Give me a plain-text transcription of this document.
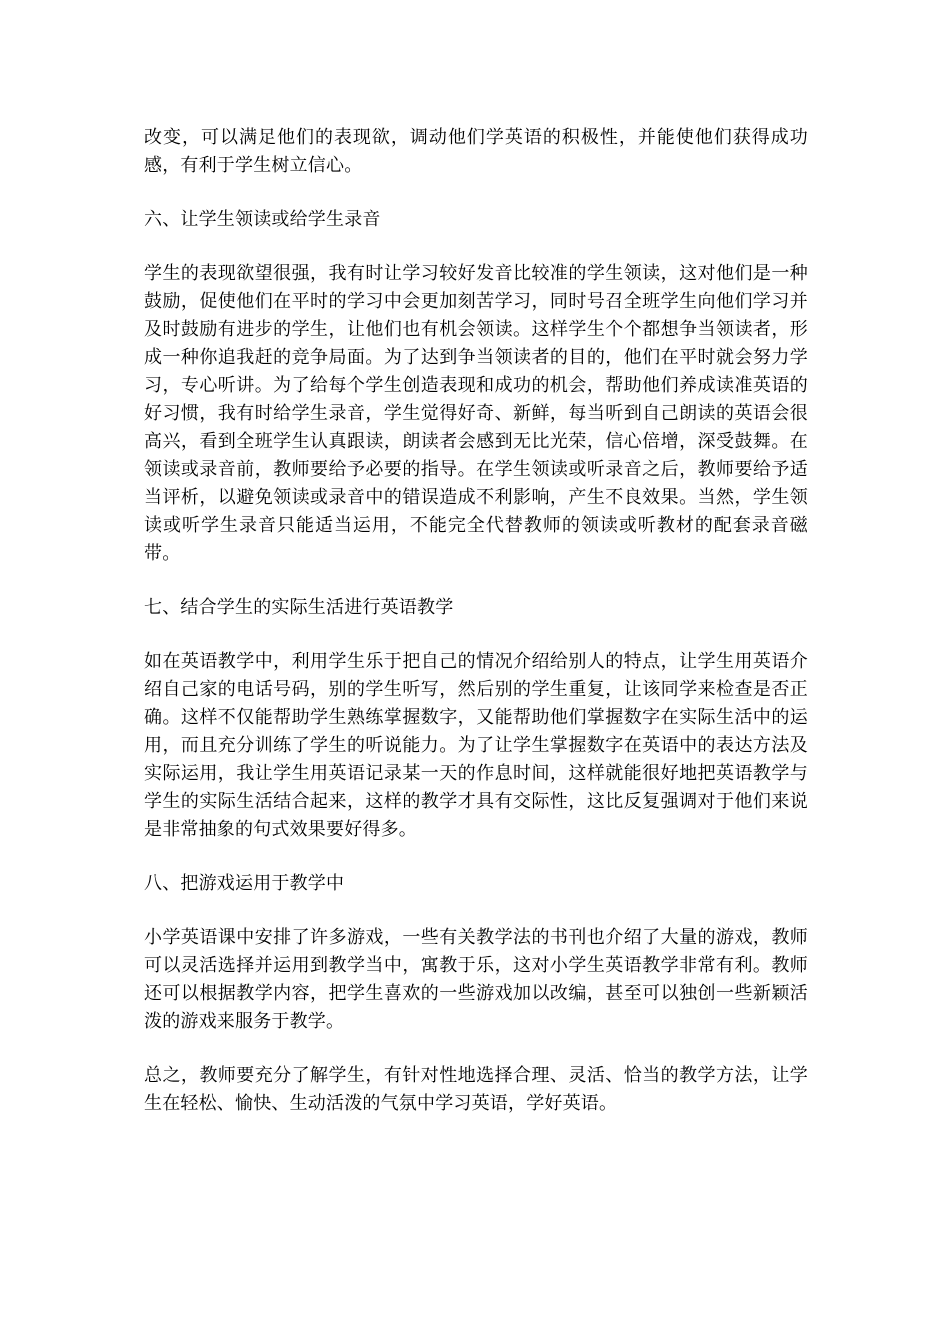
改变，可以满足他们的表现欲，调动他们学英语的积极性，并能使他们获得成功感，有利于学生树立信心。

六、让学生领读或给学生录音

学生的表现欲望很强，我有时让学习较好发音比较准的学生领读，这对他们是一种鼓励，促使他们在平时的学习中会更加刻苦学习，同时号召全班学生向他们学习并及时鼓励有进步的学生，让他们也有机会领读。这样学生个个都想争当领读者，形成一种你追我赶的竞争局面。为了达到争当领读者的目的，他们在平时就会努力学习，专心听讲。为了给每个学生创造表现和成功的机会，帮助他们养成读准英语的好习惯，我有时给学生录音，学生觉得好奇、新鲜，每当听到自己朗读的英语会很高兴，看到全班学生认真跟读，朗读者会感到无比光荣，信心倍增，深受鼓舞。在领读或录音前，教师要给予必要的指导。在学生领读或听录音之后，教师要给予适当评析，以避免领读或录音中的错误造成不利影响，产生不良效果。当然，学生领读或听学生录音只能适当运用，不能完全代替教师的领读或听教材的配套录音磁带。

七、结合学生的实际生活进行英语教学

如在英语教学中，利用学生乐于把自己的情况介绍给别人的特点，让学生用英语介绍自己家的电话号码，别的学生听写，然后别的学生重复，让该同学来检查是否正确。这样不仅能帮助学生熟练掌握数字，又能帮助他们掌握数字在实际生活中的运用，而且充分训练了学生的听说能力。为了让学生掌握数字在英语中的表达方法及实际运用，我让学生用英语记录某一天的作息时间，这样就能很好地把英语教学与学生的实际生活结合起来，这样的教学才具有交际性，这比反复强调对于他们来说是非常抽象的句式效果要好得多。

八、把游戏运用于教学中

小学英语课中安排了许多游戏，一些有关教学法的书刊也介绍了大量的游戏，教师可以灵活选择并运用到教学当中，寓教于乐，这对小学生英语教学非常有利。教师还可以根据教学内容，把学生喜欢的一些游戏加以改编，甚至可以独创一些新颖活泼的游戏来服务于教学。

总之，教师要充分了解学生，有针对性地选择合理、灵活、恰当的教学方法，让学生在轻松、愉快、生动活泼的气氛中学习英语，学好英语。
